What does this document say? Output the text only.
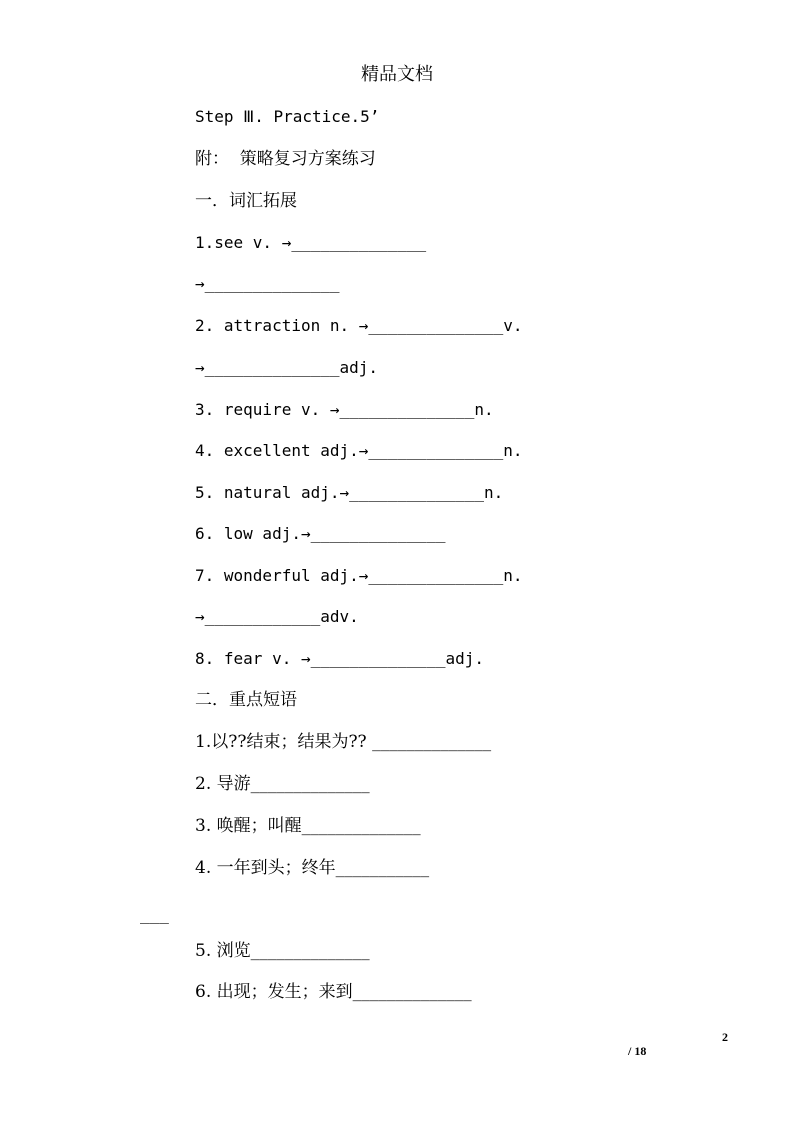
精品文档
Step Ⅲ. Practice.5’
附：  策略复习方案练习
一．词汇拓展
1.see v. →______________
→______________
2. attraction n. →______________v.
→______________adj.
3. require v. →______________n.
4. excellent adj.→______________n.
5. natural adj.→______________n.
6. low adj.→______________
7. wonderful adj.→______________n.
→____________adv.
8. fear v. →______________adj.
二．重点短语
1.以??结束；结果为?? ______________
2. 导游______________
3. 唤醒；叫醒______________
4. 一年到头；终年___________
___
5. 浏览______________
6. 出现；发生；来到______________
2
/ 18
